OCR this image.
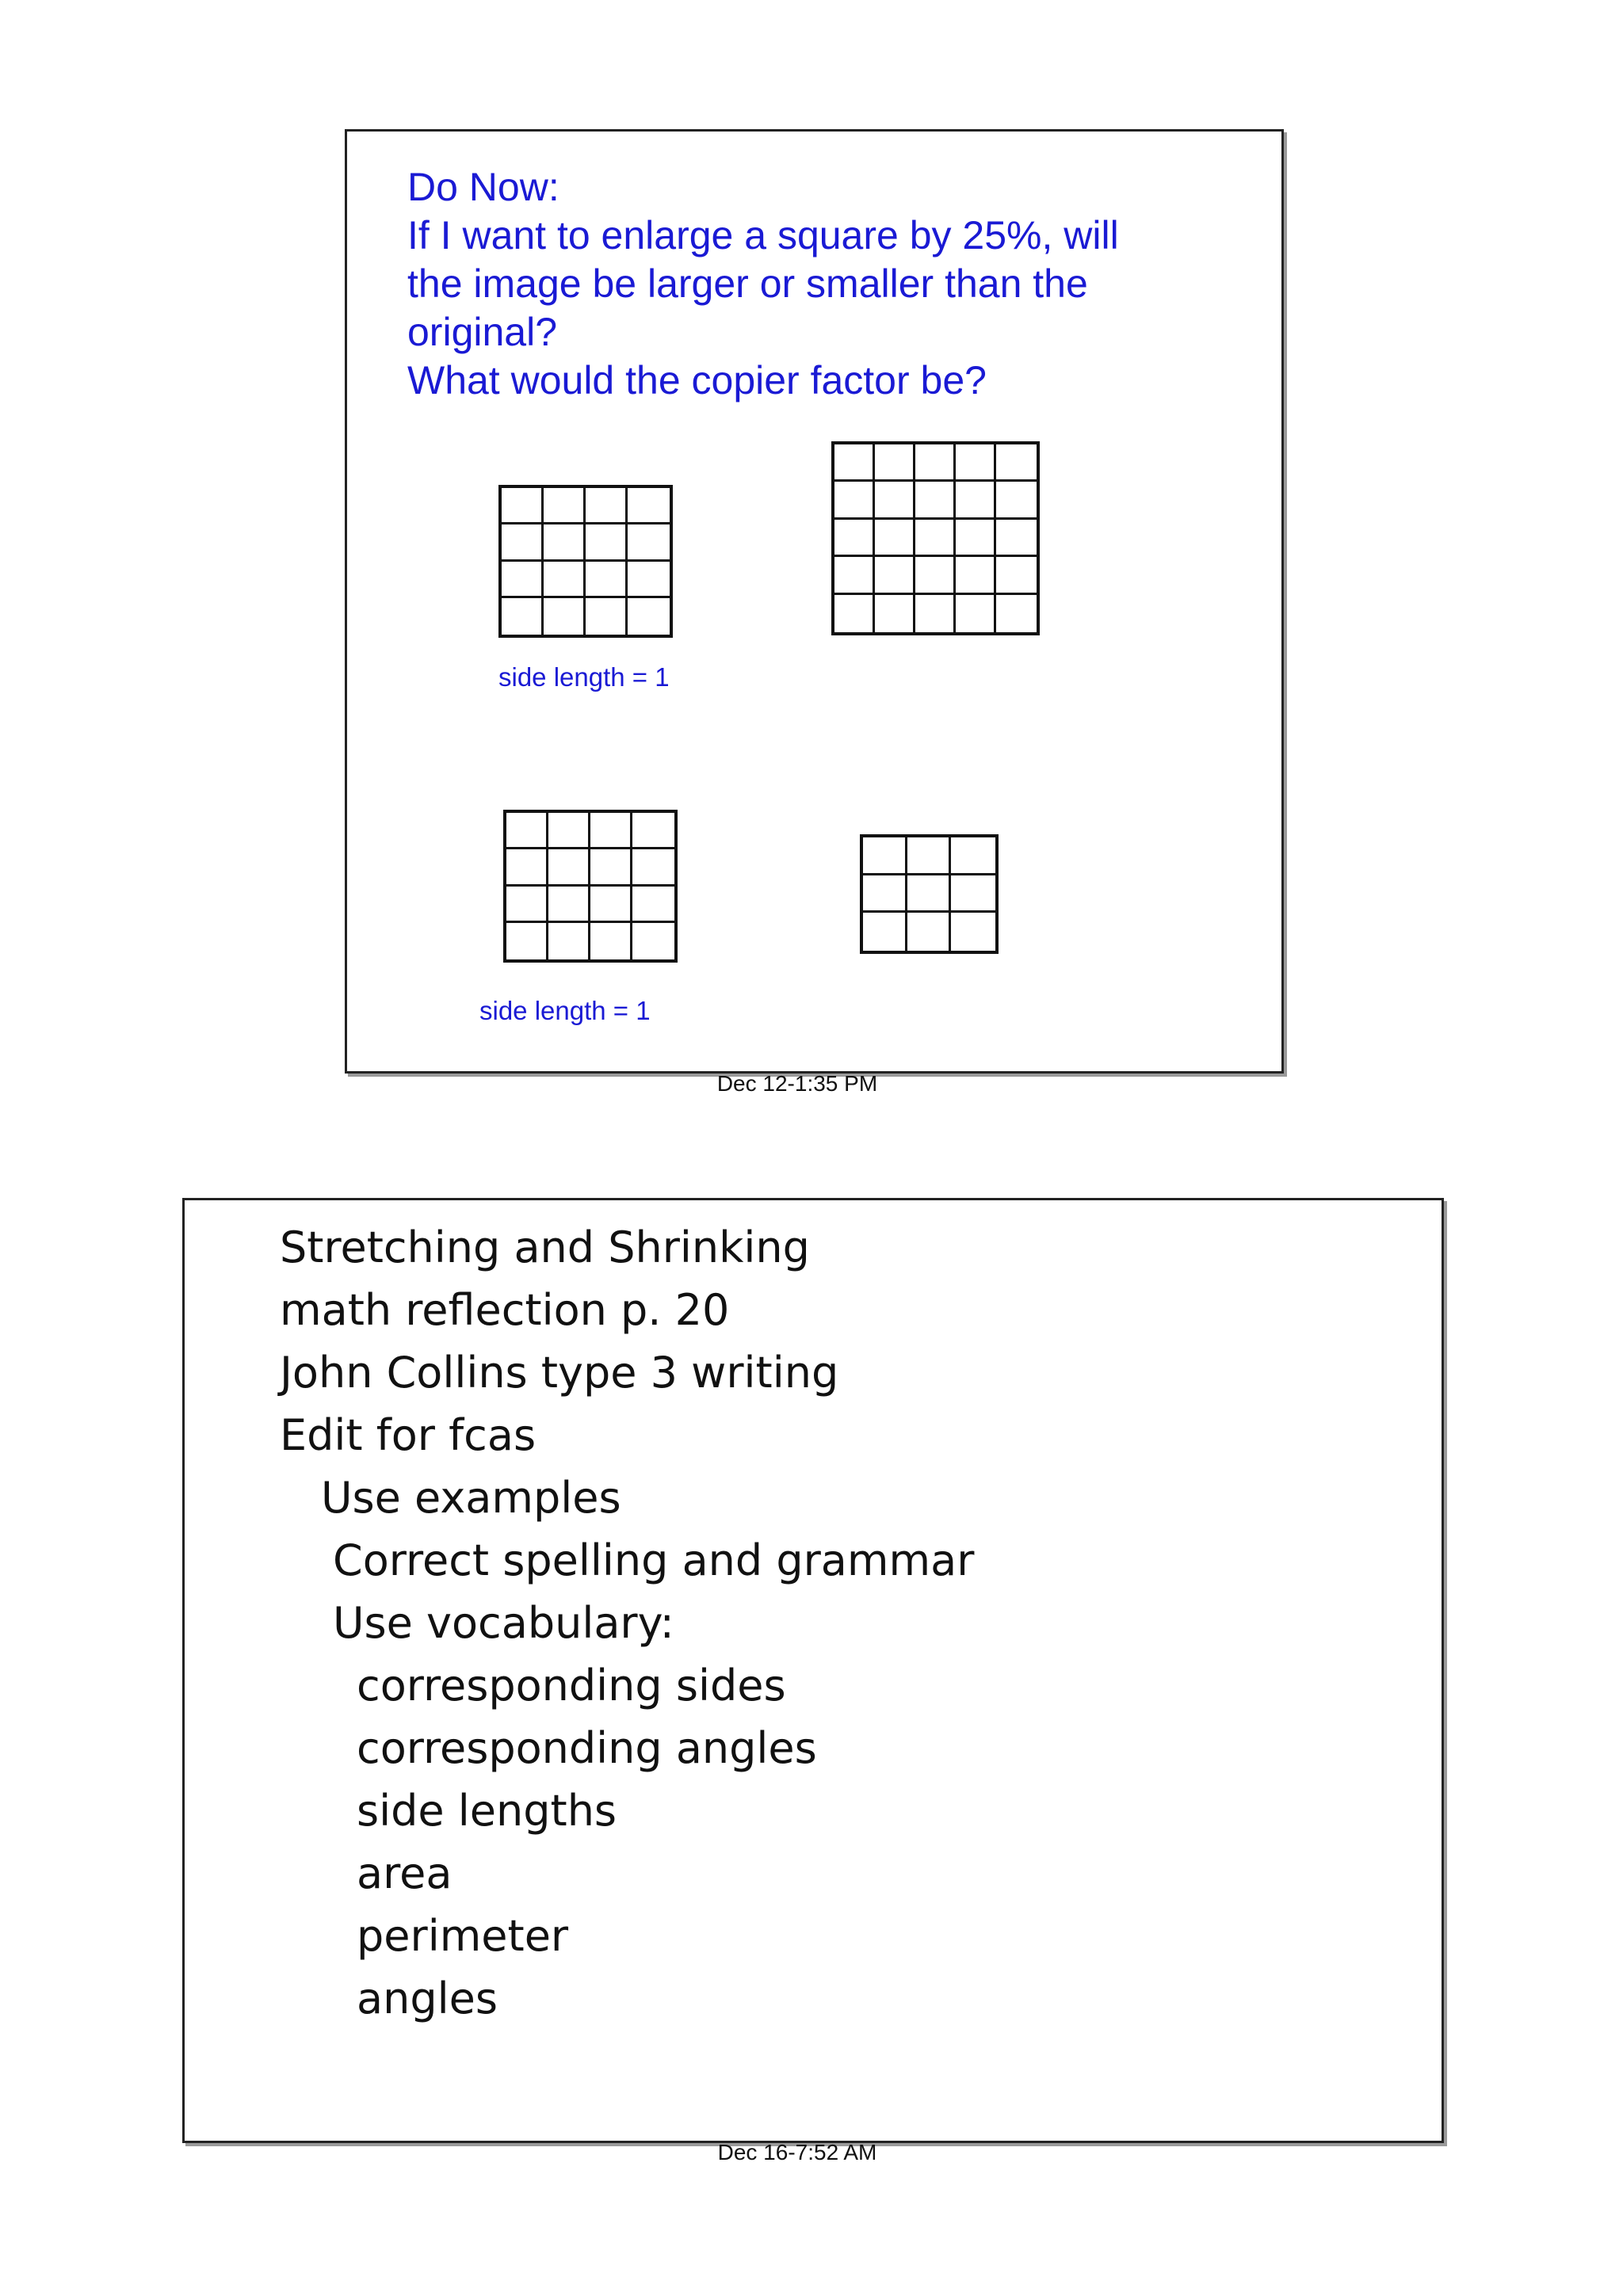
Do Now:
If I want to enlarge a square by 25%, will
the image be larger or smaller than the
original?
What would the copier factor be?
side length = 1
side length = 1
Dec 12-1:35 PM
Stretching and Shrinking
math reflection p. 20
John Collins type 3 writing
Edit for fcas
Use examples
Correct spelling and grammar
Use vocabulary:
corresponding sides
corresponding angles
side lengths
area
perimeter
angles
Dec 16-7:52 AM
